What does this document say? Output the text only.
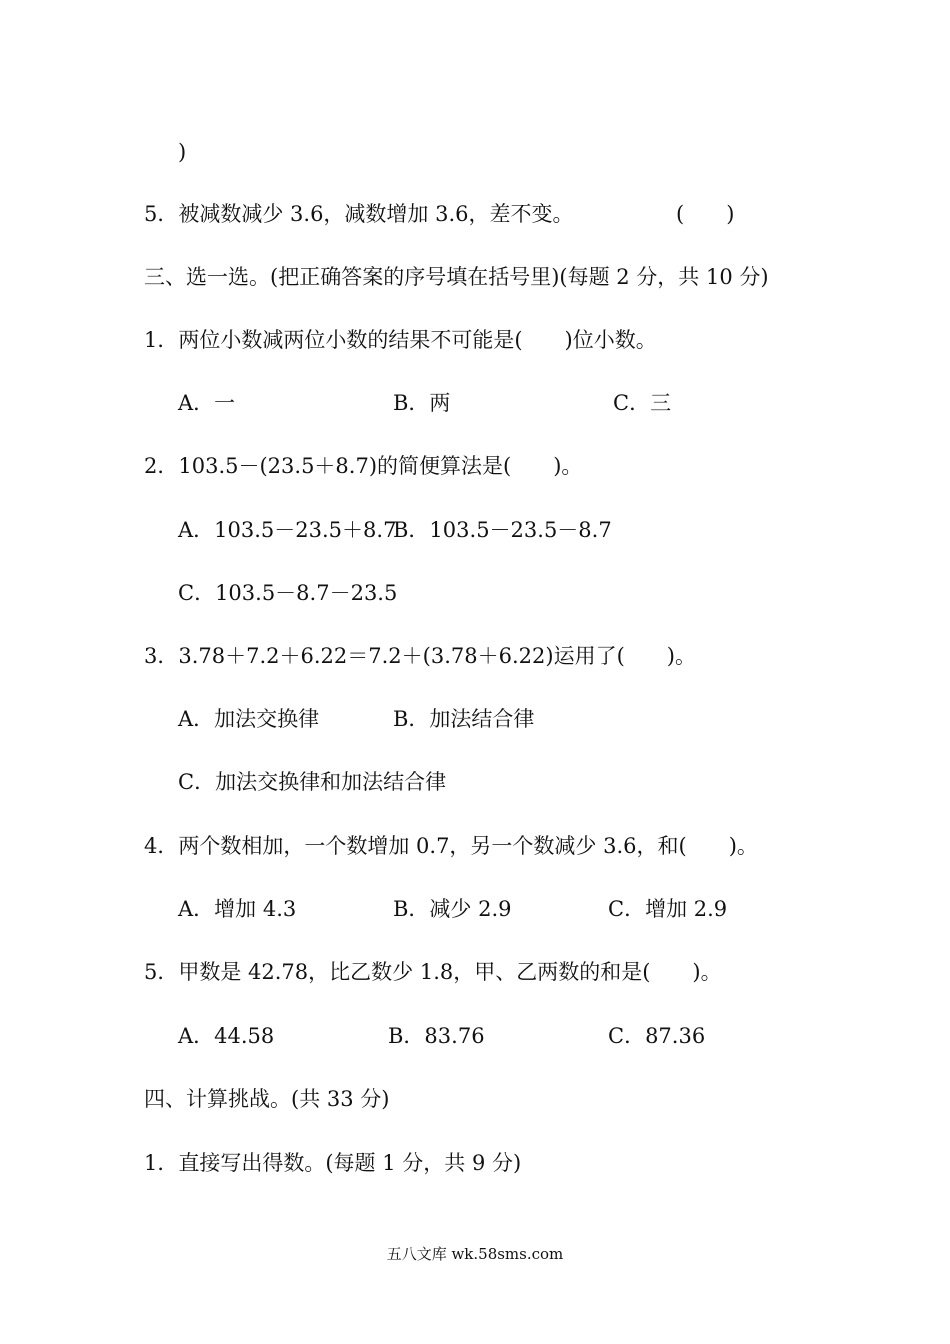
)
5．被减数减少 3.6，减数增加 3.6，差不变。	(　　)
三、选一选。(把正确答案的序号填在括号里)(每题 2 分，共 10 分)
1．两位小数减两位小数的结果不可能是(　　)位小数。
A．一	B．两	C．三
2．103.5－(23.5＋8.7)的简便算法是(　　)。
A．103.5－23.5＋8.7
B．103.5－23.5－8.7
C．103.5－8.7－23.5
3．3.78＋7.2＋6.22＝7.2＋(3.78＋6.22)运用了(　　)。
A．加法交换律	B．加法结合律
C．加法交换律和加法结合律
4．两个数相加，一个数增加 0.7，另一个数减少 3.6，和(　　)。
A．增加 4.3	B．减少 2.9	C．增加 2.9
5．甲数是 42.78，比乙数少 1.8，甲、乙两数的和是(　　)。
A．44.58	B．83.76	C．87.36
四、计算挑战。(共 33 分)
1．直接写出得数。(每题 1 分，共 9 分)
五八文库 wk.58sms.com
